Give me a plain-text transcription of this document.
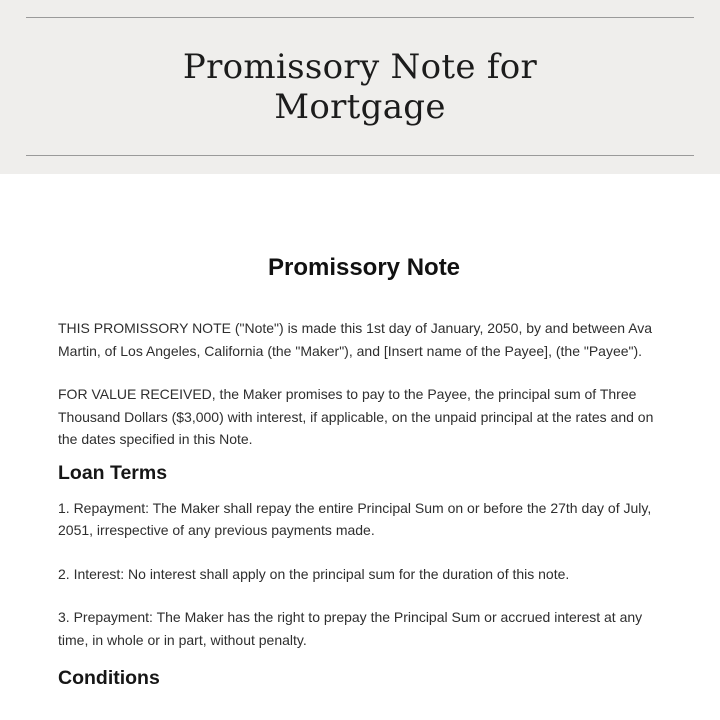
Promissory Note for
Mortgage
Promissory Note

THIS PROMISSORY NOTE ("Note") is made this 1st day of January, 2050, by and between Ava Martin, of Los Angeles, California (the "Maker"), and [Insert name of the Payee], (the "Payee").

FOR VALUE RECEIVED, the Maker promises to pay to the Payee, the principal sum of Three Thousand Dollars ($3,000) with interest, if applicable, on the unpaid principal at the rates and on the dates specified in this Note.

Loan Terms

1. Repayment: The Maker shall repay the entire Principal Sum on or before the 27th day of July, 2051, irrespective of any previous payments made.

2. Interest: No interest shall apply on the principal sum for the duration of this note.

3. Prepayment: The Maker has the right to prepay the Principal Sum or accrued interest at any time, in whole or in part, without penalty.

Conditions
